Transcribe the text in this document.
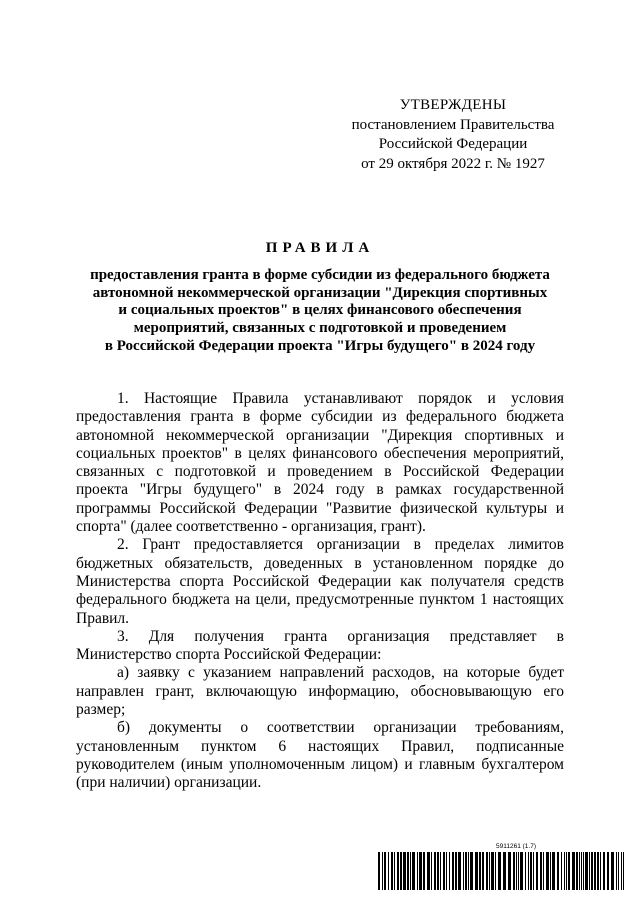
УТВЕРЖДЕНЫ
постановлением Правительства
Российской Федерации
от 29 октября 2022 г. № 1927
ПРАВИЛА
предоставления гранта в форме субсидии из федерального бюджета
автономной некоммерческой организации "Дирекция спортивных
и социальных проектов" в целях финансового обеспечения
мероприятий, связанных с подготовкой и проведением
в Российской Федерации проекта "Игры будущего" в 2024 году

1. Настоящие Правила устанавливают порядок и условия предоставления гранта в форме субсидии из федерального бюджета автономной некоммерческой организации "Дирекция спортивных и социальных проектов" в целях финансового обеспечения мероприятий, связанных с подготовкой и проведением в Российской Федерации проекта "Игры будущего" в 2024 году в рамках государственной программы Российской Федерации "Развитие физической культуры и спорта" (далее соответственно - организация, грант).

2. Грант предоставляется организации в пределах лимитов бюджетных обязательств, доведенных в установленном порядке до Министерства спорта Российской Федерации как получателя средств федерального бюджета на цели, предусмотренные пунктом 1 настоящих Правил.

3. Для получения гранта организация представляет в Министерство спорта Российской Федерации:

а) заявку с указанием направлений расходов, на которые будет направлен грант, включающую информацию, обосновывающую его размер;

б) документы о соответствии организации требованиям, установленным пунктом 6 настоящих Правил, подписанные руководителем (иным уполномоченным лицом) и главным бухгалтером (при наличии) организации.

5911261 (1.7)
